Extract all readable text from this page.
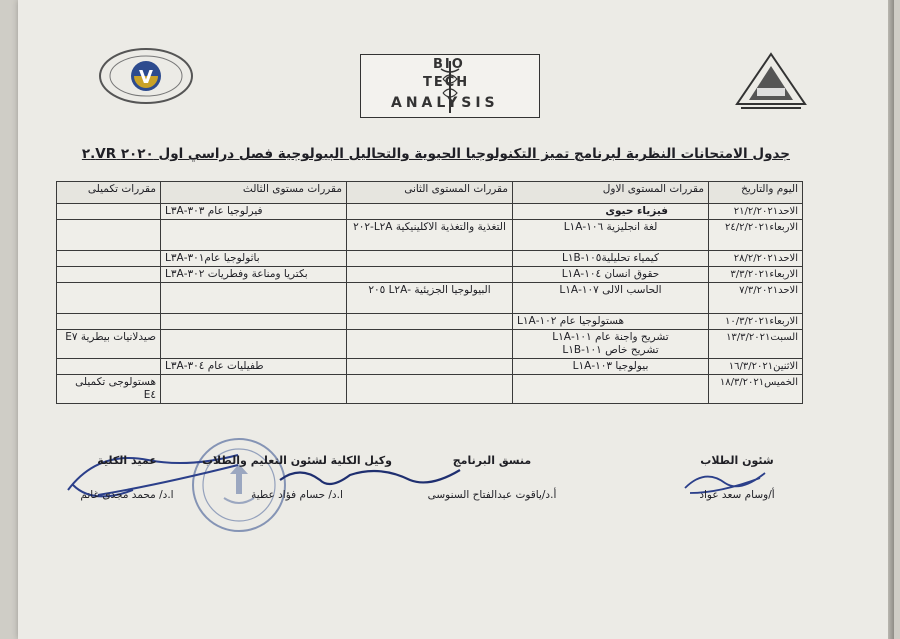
V
BIO
TECH
ANALYSIS
جدول الامتحانات النظرية لبرنامج تميز التكنولوجيا الحيوية والتحاليل البيولوجية فصل دراسي اول ٢٠٢٠ VR.٢
اليوم والتاريخ	مقررات المستوى الاول	مقررات المستوى الثانى	مقررات مستوى الثالث	مقررات تكميلى
الاحد٢١/٢/٢٠٢١	فيزياء حيوى		فيرلوجيا عام ٣٠٣-L٣A	
الاربعاء٢٤/٢/٢٠٢١	لغة انجليزية ١٠٦-L١A	التغذية والتغذية الاكلينيكية L٢A-٢٠٢		
الاحد٢٨/٢/٢٠٢١	كيمياء تحليلية١٠٥-L١B		باثولوجيا عام٣٠١-L٣A	
الاربعاء٣/٣/٢٠٢١	حقوق انسان ١٠٤-L١A		بكتريا ومناعة وفطريات ٣٠٢-L٣A	
الاحد٧/٣/٢٠٢١	الحاسب الالى ١٠٧-L١A	البيولوجيا الجزيئية -L٢A ٢٠٥		
الاربعاء١٠/٣/٢٠٢١	هستولوجيا عام ١٠٢-L١A			
السبت١٣/٣/٢٠٢١	تشريح واجنة عام ١٠١-L١A
تشريح خاص ١٠١-L١B			صيدلانيات بيطرية E٧
الاثنين١٦/٣/٢٠٢١	بيولوجيا ١٠٣-L١A		طفيليات عام ٣٠٤-L٣A	
الخميس١٨/٣/٢٠٢١				هستولوجى تكميلى E٤
شئون الطلاب
أ/وسام سعد عواد
منسق البرنامج
أ.د/ياقوت عبدالفتاح السنوسى
وكيل الكلية لشئون التعليم والطلاب
ا.د/ حسام فؤاد عطية
عميد الكلية
ا.د/ محمد مجدى غانم
